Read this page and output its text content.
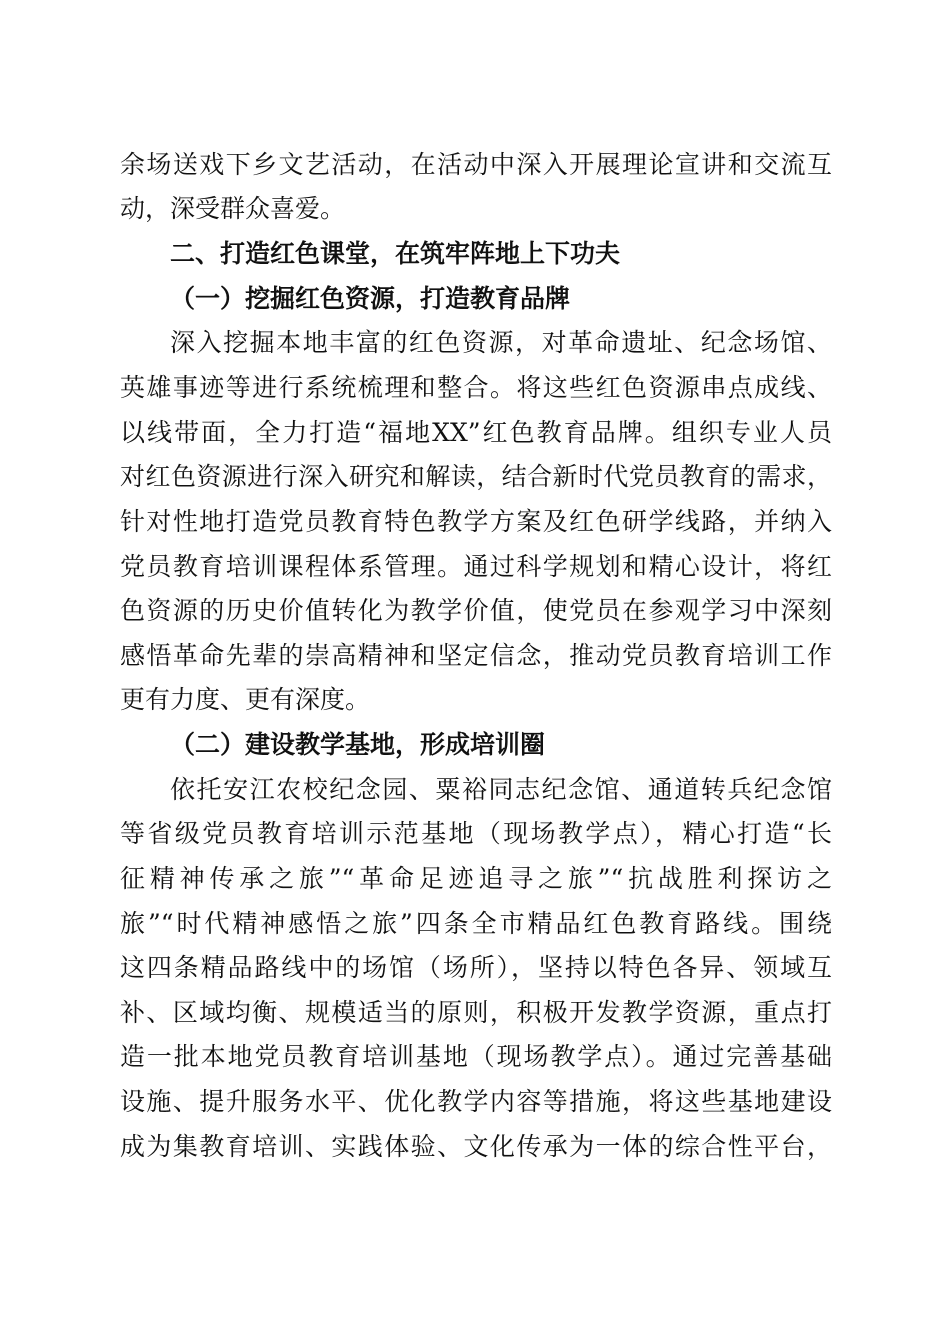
余场送戏下乡文艺活动，在活动中深入开展理论宣讲和交流互
动，深受群众喜爱。
二、打造红色课堂，在筑牢阵地上下功夫
（一）挖掘红色资源，打造教育品牌
深入挖掘本地丰富的红色资源，对革命遗址、纪念场馆、
英雄事迹等进行系统梳理和整合。将这些红色资源串点成线、
以线带面，全力打造“福地XX”红色教育品牌。组织专业人员
对红色资源进行深入研究和解读，结合新时代党员教育的需求，
针对性地打造党员教育特色教学方案及红色研学线路，并纳入
党员教育培训课程体系管理。通过科学规划和精心设计，将红
色资源的历史价值转化为教学价值，使党员在参观学习中深刻
感悟革命先辈的崇高精神和坚定信念，推动党员教育培训工作
更有力度、更有深度。
（二）建设教学基地，形成培训圈
依托安江农校纪念园、粟裕同志纪念馆、通道转兵纪念馆
等省级党员教育培训示范基地（现场教学点），精心打造“长
征精神传承之旅”“革命足迹追寻之旅”“抗战胜利探访之
旅”“时代精神感悟之旅”四条全市精品红色教育路线。围绕
这四条精品路线中的场馆（场所），坚持以特色各异、领域互
补、区域均衡、规模适当的原则，积极开发教学资源，重点打
造一批本地党员教育培训基地（现场教学点）。通过完善基础
设施、提升服务水平、优化教学内容等措施，将这些基地建设
成为集教育培训、实践体验、文化传承为一体的综合性平台，
